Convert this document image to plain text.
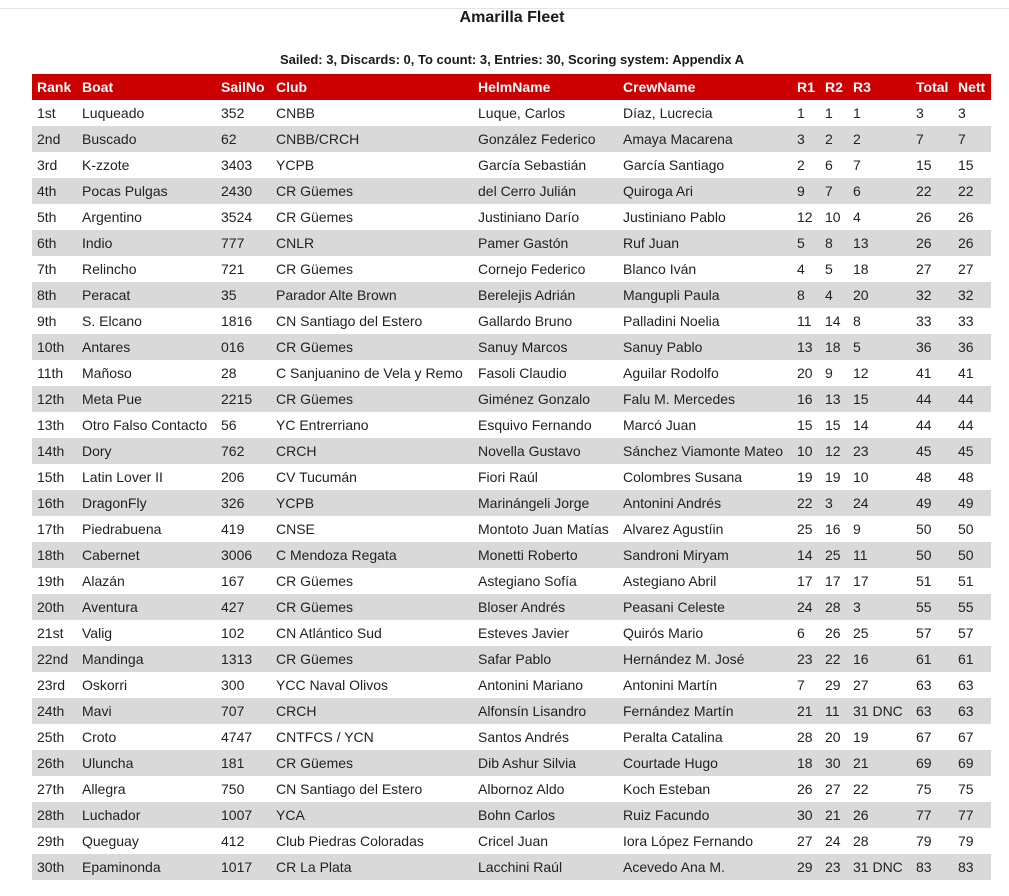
Amarilla Fleet
Sailed: 3, Discards: 0, To count: 3, Entries: 30, Scoring system: Appendix A
Rank	Boat	SailNo	Club	HelmName	CrewName	R1	R2	R3	Total	Nett
1st	Luqueado	352	CNBB	Luque, Carlos	Díaz, Lucrecia	1	1	1	3	3
2nd	Buscado	62	CNBB/CRCH	González Federico	Amaya Macarena	3	2	2	7	7
3rd	K-zzote	3403	YCPB	García Sebastián	García Santiago	2	6	7	15	15
4th	Pocas Pulgas	2430	CR Güemes	del Cerro Julián	Quiroga Ari	9	7	6	22	22
5th	Argentino	3524	CR Güemes	Justiniano Darío	Justiniano Pablo	12	10	4	26	26
6th	Indio	777	CNLR	Pamer Gastón	Ruf Juan	5	8	13	26	26
7th	Relincho	721	CR Güemes	Cornejo Federico	Blanco Iván	4	5	18	27	27
8th	Peracat	35	Parador Alte Brown	Berelejis Adrián	Mangupli Paula	8	4	20	32	32
9th	S. Elcano	1816	CN Santiago del Estero	Gallardo Bruno	Palladini Noelia	11	14	8	33	33
10th	Antares	016	CR Güemes	Sanuy Marcos	Sanuy Pablo	13	18	5	36	36
11th	Mañoso	28	C Sanjuanino de Vela y Remo	Fasoli Claudio	Aguilar Rodolfo	20	9	12	41	41
12th	Meta Pue	2215	CR Güemes	Giménez Gonzalo	Falu M. Mercedes	16	13	15	44	44
13th	Otro Falso Contacto	56	YC Entrerriano	Esquivo Fernando	Marcó Juan	15	15	14	44	44
14th	Dory	762	CRCH	Novella Gustavo	Sánchez Viamonte Mateo	10	12	23	45	45
15th	Latin Lover II	206	CV Tucumán	Fiori Raúl	Colombres Susana	19	19	10	48	48
16th	DragonFly	326	YCPB	Marinángeli Jorge	Antonini Andrés	22	3	24	49	49
17th	Piedrabuena	419	CNSE	Montoto Juan Matías	Alvarez Agustíin	25	16	9	50	50
18th	Cabernet	3006	C Mendoza Regata	Monetti Roberto	Sandroni Miryam	14	25	11	50	50
19th	Alazán	167	CR Güemes	Astegiano Sofía	Astegiano Abril	17	17	17	51	51
20th	Aventura	427	CR Güemes	Bloser Andrés	Peasani Celeste	24	28	3	55	55
21st	Valig	102	CN Atlántico Sud	Esteves Javier	Quirós Mario	6	26	25	57	57
22nd	Mandinga	1313	CR Güemes	Safar Pablo	Hernández M. José	23	22	16	61	61
23rd	Oskorri	300	YCC Naval Olivos	Antonini Mariano	Antonini Martín	7	29	27	63	63
24th	Mavi	707	CRCH	Alfonsín Lisandro	Fernández Martín	21	11	31 DNC	63	63
25th	Croto	4747	CNTFCS / YCN	Santos Andrés	Peralta Catalina	28	20	19	67	67
26th	Uluncha	181	CR Güemes	Dib Ashur Silvia	Courtade Hugo	18	30	21	69	69
27th	Allegra	750	CN Santiago del Estero	Albornoz Aldo	Koch Esteban	26	27	22	75	75
28th	Luchador	1007	YCA	Bohn Carlos	Ruiz Facundo	30	21	26	77	77
29th	Queguay	412	Club Piedras Coloradas	Cricel Juan	Iora López Fernando	27	24	28	79	79
30th	Epaminonda	1017	CR La Plata	Lacchini Raúl	Acevedo Ana M.	29	23	31 DNC	83	83
